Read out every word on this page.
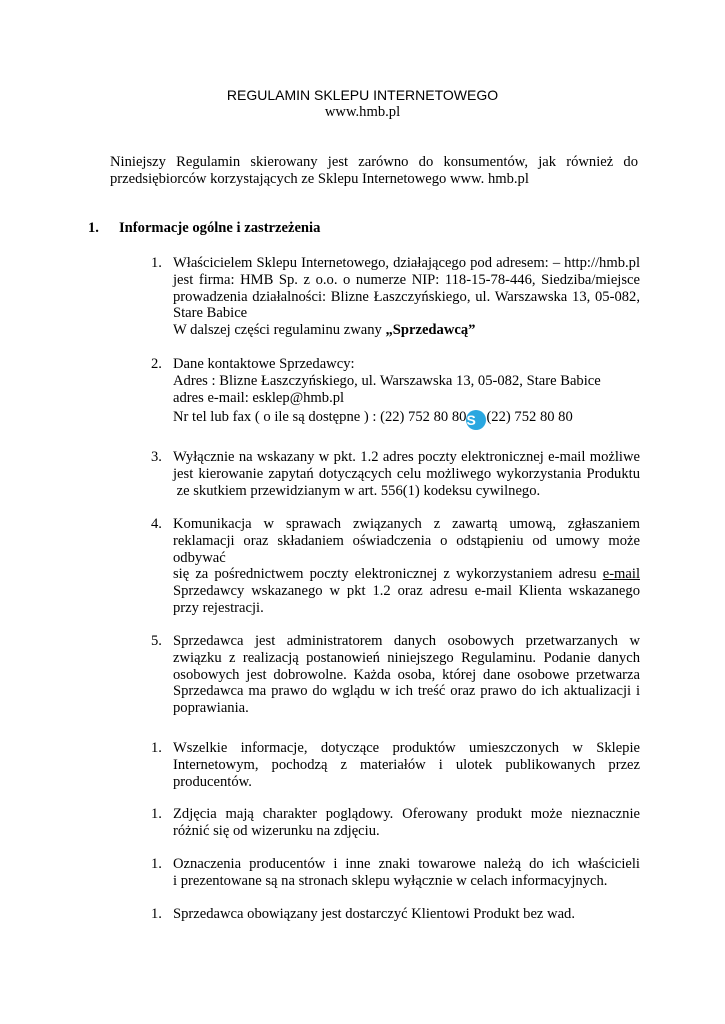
REGULAMIN SKLEPU INTERNETOWEGO
www.hmb.pl
Niniejszy Regulamin skierowany jest zarówno do konsumentów, jak również do
przedsiębiorców korzystających ze Sklepu Internetowego www. hmb.pl
1. Informacje ogólne i zastrzeżenia
1. Właścicielem Sklepu Internetowego, działającego pod adresem: – http://hmb.pl
jest firma: HMB Sp. z o.o. o numerze NIP: 118-15-78-446, Siedziba/miejsce
prowadzenia działalności: Blizne Łaszczyńskiego, ul. Warszawska 13, 05-082,
Stare Babice
W dalszej części regulaminu zwany „Sprzedawcą”
2. Dane kontaktowe Sprzedawcy:
Adres : Blizne Łaszczyńskiego, ul. Warszawska 13, 05-082, Stare Babice
adres e-mail: esklep@hmb.pl
Nr tel lub fax ( o ile są dostępne ) : (22) 752 80 80S (22) 752 80 80
3. Wyłącznie na wskazany w pkt. 1.2 adres poczty elektronicznej e-mail możliwe
jest kierowanie zapytań dotyczących celu możliwego wykorzystania Produktu
ze skutkiem przewidzianym w art. 556(1) kodeksu cywilnego.
4. Komunikacja w sprawach związanych z zawartą umową, zgłaszaniem
reklamacji oraz składaniem oświadczenia o odstąpieniu od umowy może
odbywać
się za pośrednictwem poczty elektronicznej z wykorzystaniem adresu e-mail
Sprzedawcy wskazanego w pkt 1.2 oraz adresu e-mail Klienta wskazanego
przy rejestracji.
5. Sprzedawca jest administratorem danych osobowych przetwarzanych w
związku z realizacją postanowień niniejszego Regulaminu. Podanie danych
osobowych jest dobrowolne. Każda osoba, której dane osobowe przetwarza
Sprzedawca ma prawo do wglądu w ich treść oraz prawo do ich aktualizacji i
poprawiania.
1. Wszelkie informacje, dotyczące produktów umieszczonych w Sklepie
Internetowym, pochodzą z materiałów i ulotek publikowanych przez
producentów.
1. Zdjęcia mają charakter poglądowy. Oferowany produkt może nieznacznie
różnić się od wizerunku na zdjęciu.
1. Oznaczenia producentów i inne znaki towarowe należą do ich właścicieli
i prezentowane są na stronach sklepu wyłącznie w celach informacyjnych.
1. Sprzedawca obowiązany jest dostarczyć Klientowi Produkt bez wad.
